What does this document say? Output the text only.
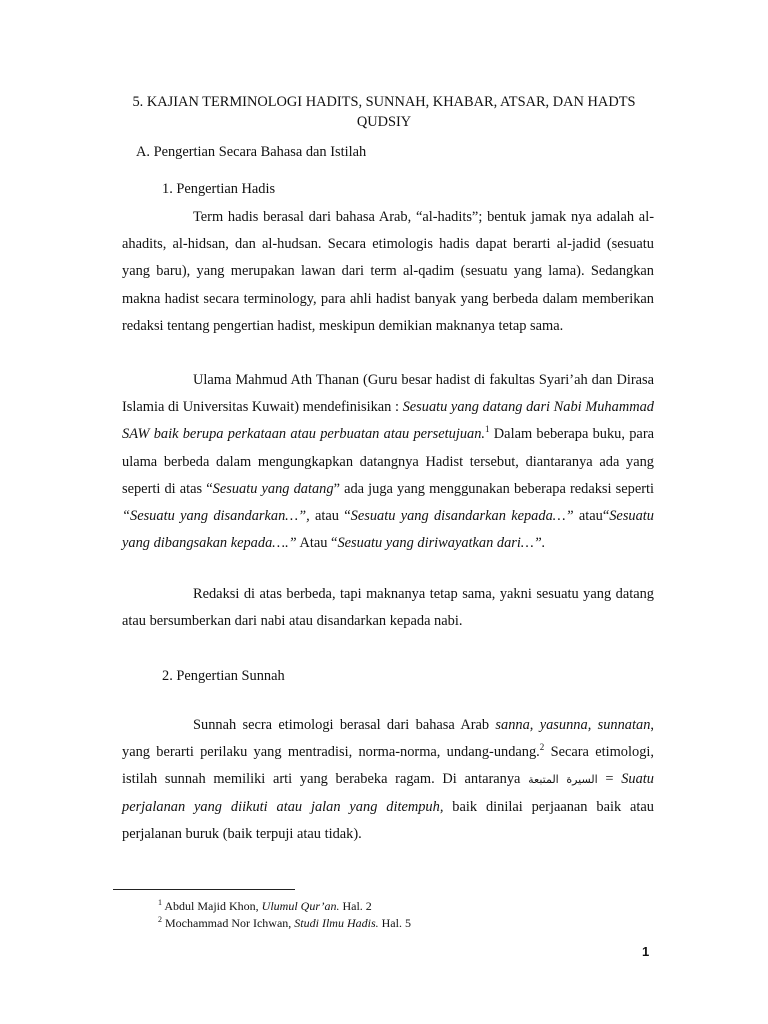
5. KAJIAN TERMINOLOGI HADITS, SUNNAH, KHABAR, ATSAR, DAN HADTS
QUDSIY
A. Pengertian Secara Bahasa dan Istilah
1. Pengertian Hadis
Term hadis berasal dari bahasa Arab, “al-hadits”; bentuk jamak nya adalah al-ahadits, al-hidsan, dan al-hudsan. Secara etimologis hadis dapat berarti al-jadid (sesuatu yang baru), yang merupakan lawan dari term al-qadim (sesuatu yang lama). Sedangkan makna hadist secara terminology, para ahli hadist banyak yang berbeda dalam memberikan redaksi tentang pengertian hadist, meskipun demikian maknanya tetap sama.
Ulama Mahmud Ath Thanan (Guru besar hadist di fakultas Syari’ah dan Dirasa Islamia di Universitas Kuwait) mendefinisikan : Sesuatu yang datang dari Nabi Muhammad SAW baik berupa perkataan atau perbuatan atau persetujuan.$^1$ Dalam beberapa buku, para ulama berbeda dalam mengungkapkan datangnya Hadist tersebut, diantaranya ada yang seperti di atas “Sesuatu yang datang” ada juga yang menggunakan beberapa redaksi seperti “Sesuatu yang disandarkan…”, atau “Sesuatu yang disandarkan kepada…” atau“Sesuatu yang dibangsakan kepada….” Atau “Sesuatu yang diriwayatkan dari…”.
Redaksi di atas berbeda, tapi maknanya tetap sama, yakni sesuatu yang datang atau bersumberkan dari nabi atau disandarkan kepada nabi.
2. Pengertian Sunnah
Sunnah secra etimologi berasal dari bahasa Arab sanna, yasunna, sunnatan, yang berarti perilaku yang mentradisi, norma-norma, undang-undang.$^2$ Secara etimologi, istilah sunnah memiliki arti yang berabeka ragam. Di antaranya السيرة المتبعة = Suatu perjalanan yang diikuti atau jalan yang ditempuh, baik dinilai perjaanan baik atau perjalanan buruk (baik terpuji atau tidak).
$^1$ Abdul Majid Khon, Ulumul Qur’an. Hal. 2
$^2$ Mochammad Nor Ichwan, Studi Ilmu Hadis. Hal. 5
1
